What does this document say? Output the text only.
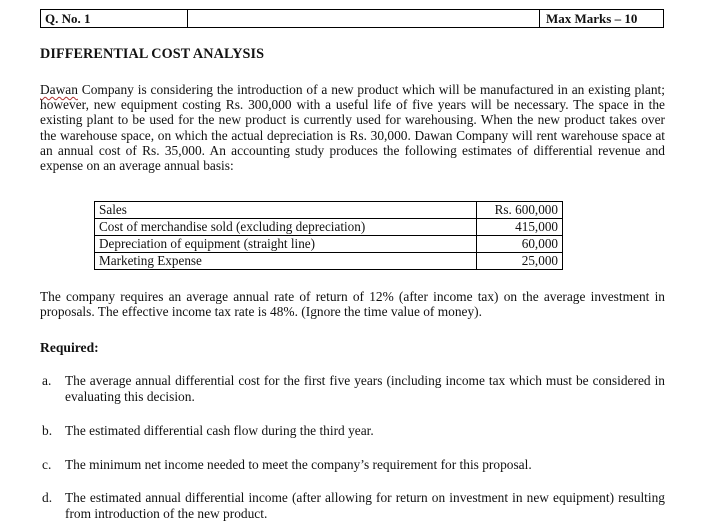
Q. No. 1		Max Marks – 10
DIFFERENTIAL COST ANALYSIS

Dawan Company is considering the introduction of a new product which will be manufactured in an existing plant; however, new equipment costing Rs. 300,000 with a useful life of five years will be necessary. The space in the existing plant to be used for the new product is currently used for warehousing. When the new product takes over the warehouse space, on which the actual depreciation is Rs. 30,000. Dawan Company will rent warehouse space at an annual cost of Rs. 35,000. An accounting study produces the following estimates of differential revenue and expense on an average annual basis:

Sales	Rs. 600,000
Cost of merchandise sold (excluding depreciation)	415,000
Depreciation of equipment (straight line)	60,000
Marketing Expense	25,000

The company requires an average annual rate of return of 12% (after income tax) on the average investment in proposals. The effective income tax rate is 48%. (Ignore the time value of money).

Required:
a. The average annual differential cost for the first five years (including income tax which must be considered in evaluating this decision.
b. The estimated differential cash flow during the third year.
c. The minimum net income needed to meet the company’s requirement for this proposal.
d. The estimated annual differential income (after allowing for return on investment in new equipment) resulting from introduction of the new product.
